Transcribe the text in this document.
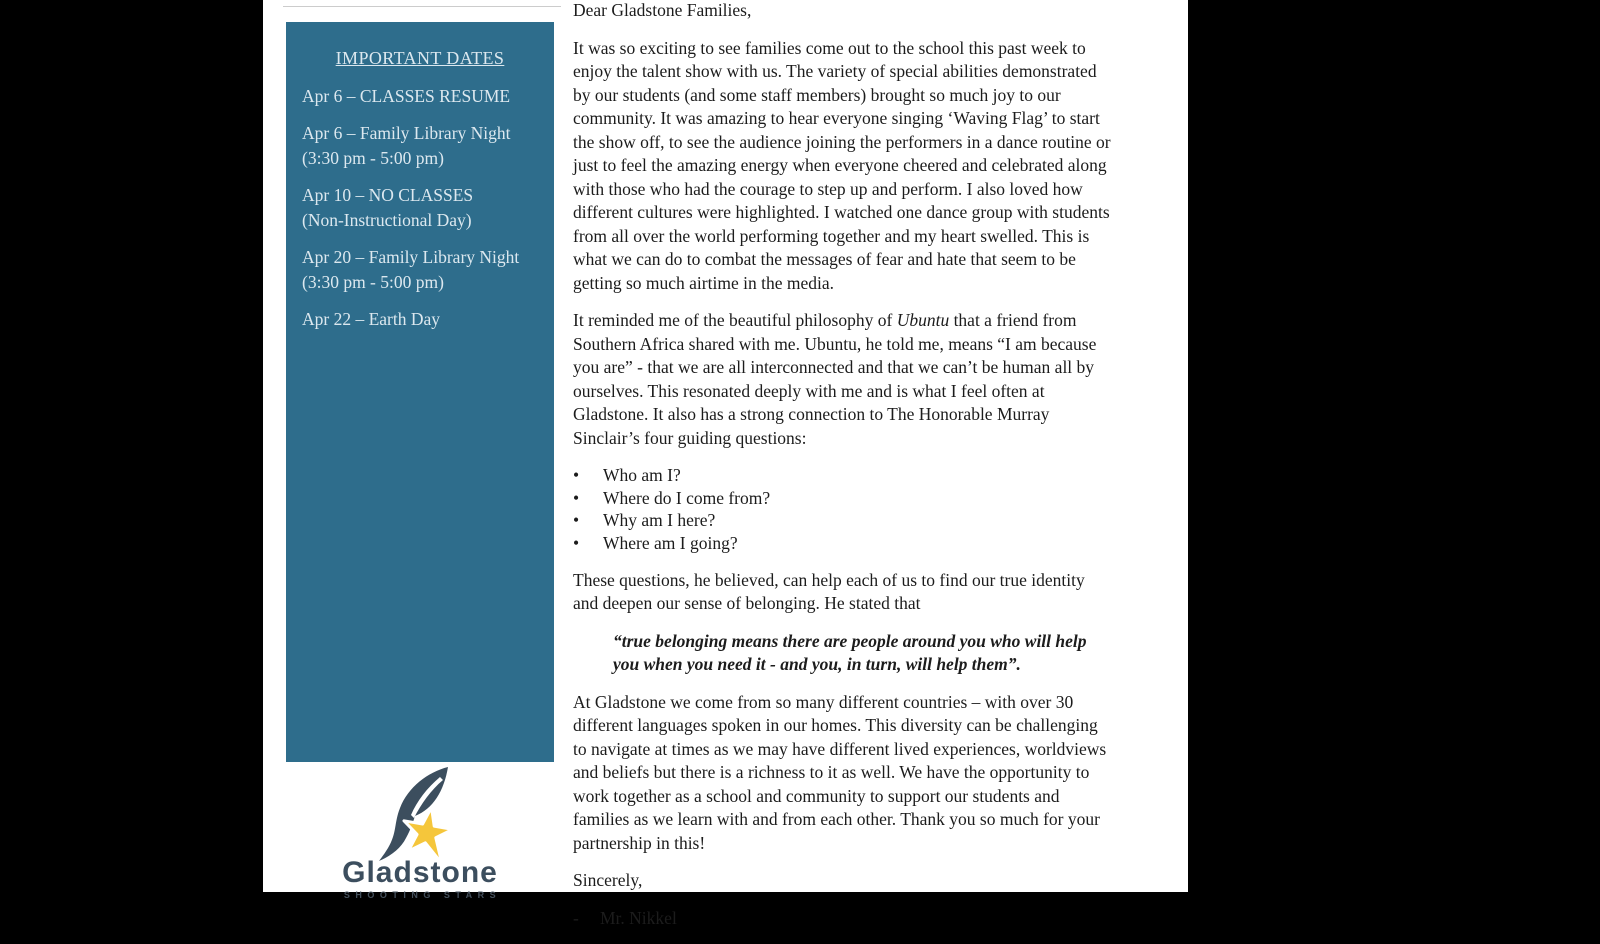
IMPORTANT DATES
Apr 6 – CLASSES RESUME
Apr 6 – Family Library Night
(3:30 pm - 5:00 pm)
Apr 10 – NO CLASSES
(Non-Instructional Day)
Apr 20 – Family Library Night
(3:30 pm - 5:00 pm)
Apr 22 – Earth Day
Gladstone
SHOOTING STARS

Dear Gladstone Families,

It was so exciting to see families come out to the school this past week to enjoy the talent show with us. The variety of special abilities demonstrated by our students (and some staff members) brought so much joy to our community. It was amazing to hear everyone singing ‘Waving Flag’ to start the show off, to see the audience joining the performers in a dance routine or just to feel the amazing energy when everyone cheered and celebrated along with those who had the courage to step up and perform. I also loved how different cultures were highlighted. I watched one dance group with students from all over the world performing together and my heart swelled. This is what we can do to combat the messages of fear and hate that seem to be getting so much airtime in the media.

It reminded me of the beautiful philosophy of Ubuntu that a friend from Southern Africa shared with me. Ubuntu, he told me, means “I am because you are” - that we are all interconnected and that we can’t be human all by ourselves. This resonated deeply with me and is what I feel often at Gladstone. It also has a strong connection to The Honorable Murray Sinclair’s four guiding questions:

•	Who am I?
•	Where do I come from?
•	Why am I here?
•	Where am I going?

These questions, he believed, can help each of us to find our true identity and deepen our sense of belonging. He stated that

“true belonging means there are people around you who will help
you when you need it - and you, in turn, will help them”.

At Gladstone we come from so many different countries – with over 30 different languages spoken in our homes. This diversity can be challenging to navigate at times as we may have different lived experiences, worldviews and beliefs but there is a richness to it as well. We have the opportunity to work together as a school and community to support our students and families as we learn with and from each other. Thank you so much for your partnership in this!

Sincerely,

-	Mr. Nikkel
